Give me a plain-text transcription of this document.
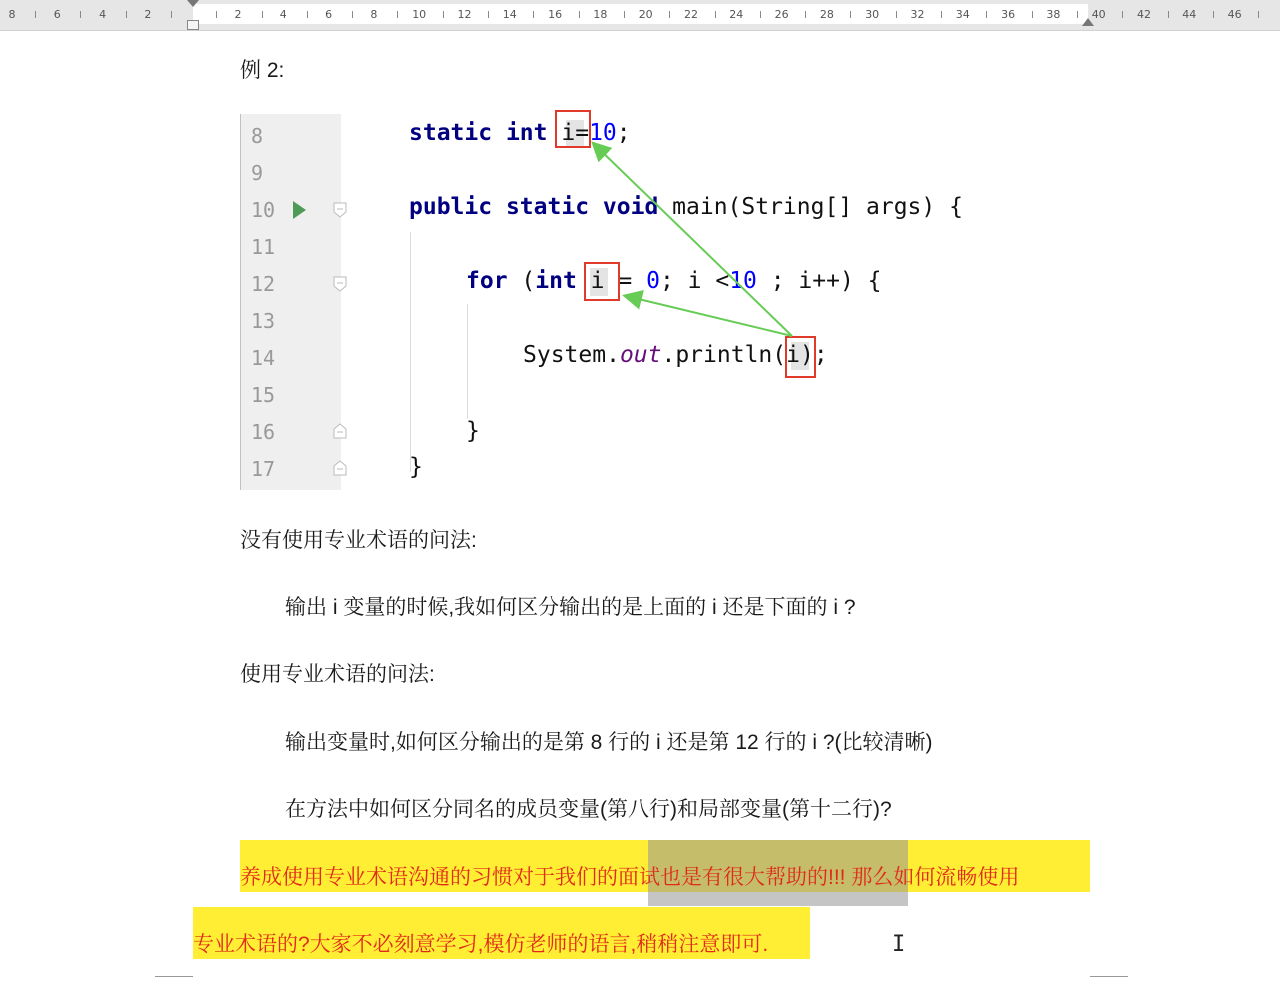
8	6	4	2	2	4	6	8	10	12	14	16	18	20	22	24	26	28	30	32	34	36	38	40	42	44	46
例 2:
8
9
10
11
12
13
14
15
16
17
static int i=10;
public static void main(String[] args) {
for (int i = 0; i <10 ; i++) {
System.out.println(i);
}
}
没有使用专业术语的问法:
输出 i 变量的时候,我如何区分输出的是上面的 i 还是下面的 i ?
使用专业术语的问法:
输出变量时,如何区分输出的是第 8 行的 i 还是第 12 行的 i ?(比较清晰)
在方法中如何区分同名的成员变量(第八行)和局部变量(第十二行)?
养成使用专业术语沟通的习惯对于我们的面试也是有很大帮助的!!! 那么如何流畅使用
专业术语的?大家不必刻意学习,模仿老师的语言,稍稍注意即可.	I
